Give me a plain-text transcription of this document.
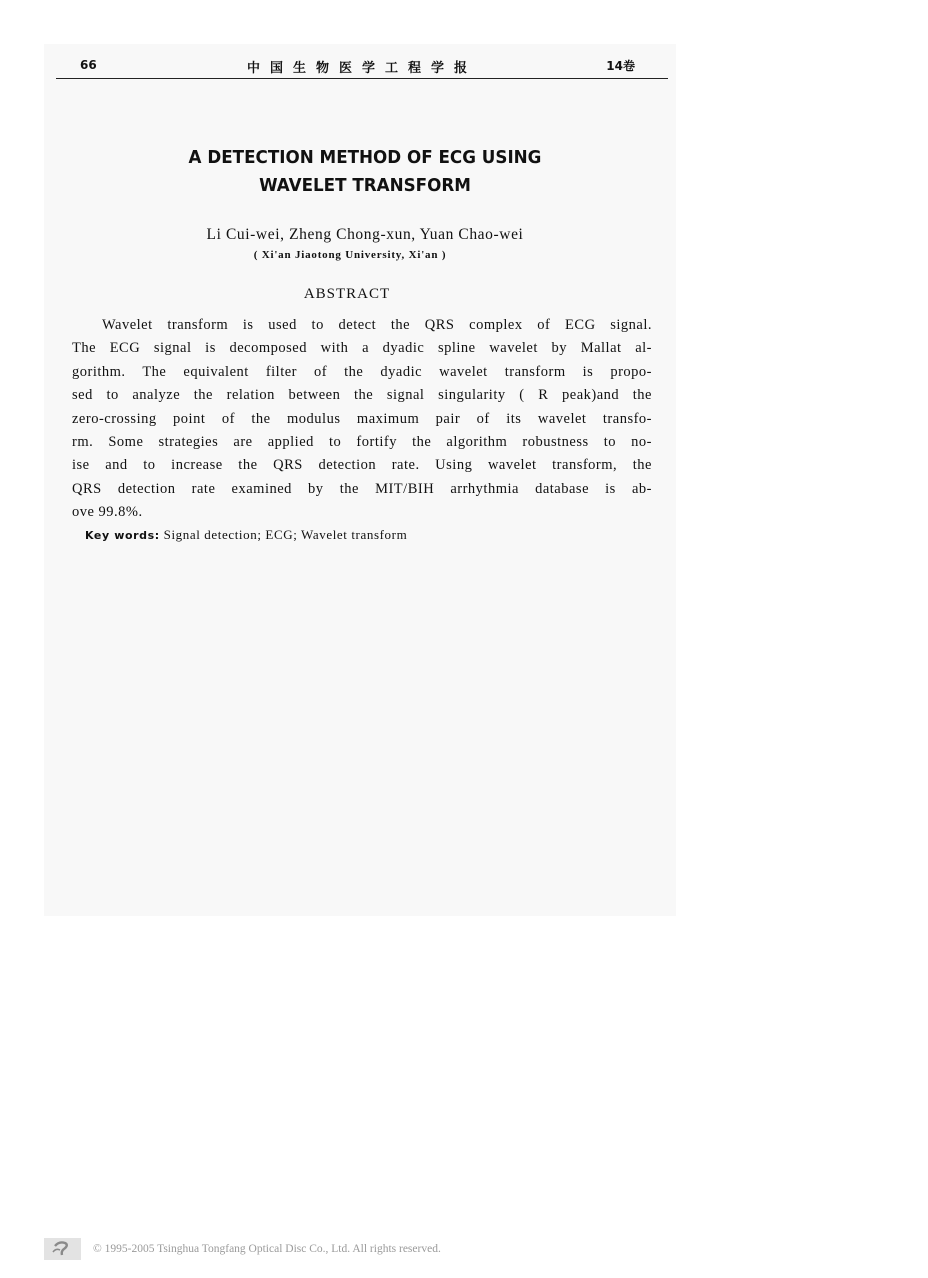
66	中国生物医学工程学报	14卷
A DETECTION METHOD OF ECG USING
WAVELET TRANSFORM
Li Cui-wei, Zheng Chong-xun, Yuan Chao-wei
( Xi'an Jiaotong University, Xi'an )
ABSTRACT
Wavelet transform is used to detect the QRS complex of ECG signal.
The ECG signal is decomposed with a dyadic spline wavelet by Mallat al-
gorithm. The equivalent filter of the dyadic wavelet transform is propo-
sed to analyze the relation between the signal singularity ( R peak)and the
zero-crossing point of the modulus maximum pair of its wavelet transfo-
rm. Some strategies are applied to fortify the algorithm robustness to no-
ise and to increase the QRS detection rate. Using wavelet transform, the
QRS detection rate examined by the MIT/BIH arrhythmia database is ab-
ove 99.8%.
Key words: Signal detection; ECG; Wavelet transform
© 1995-2005 Tsinghua Tongfang Optical Disc Co., Ltd. All rights reserved.
